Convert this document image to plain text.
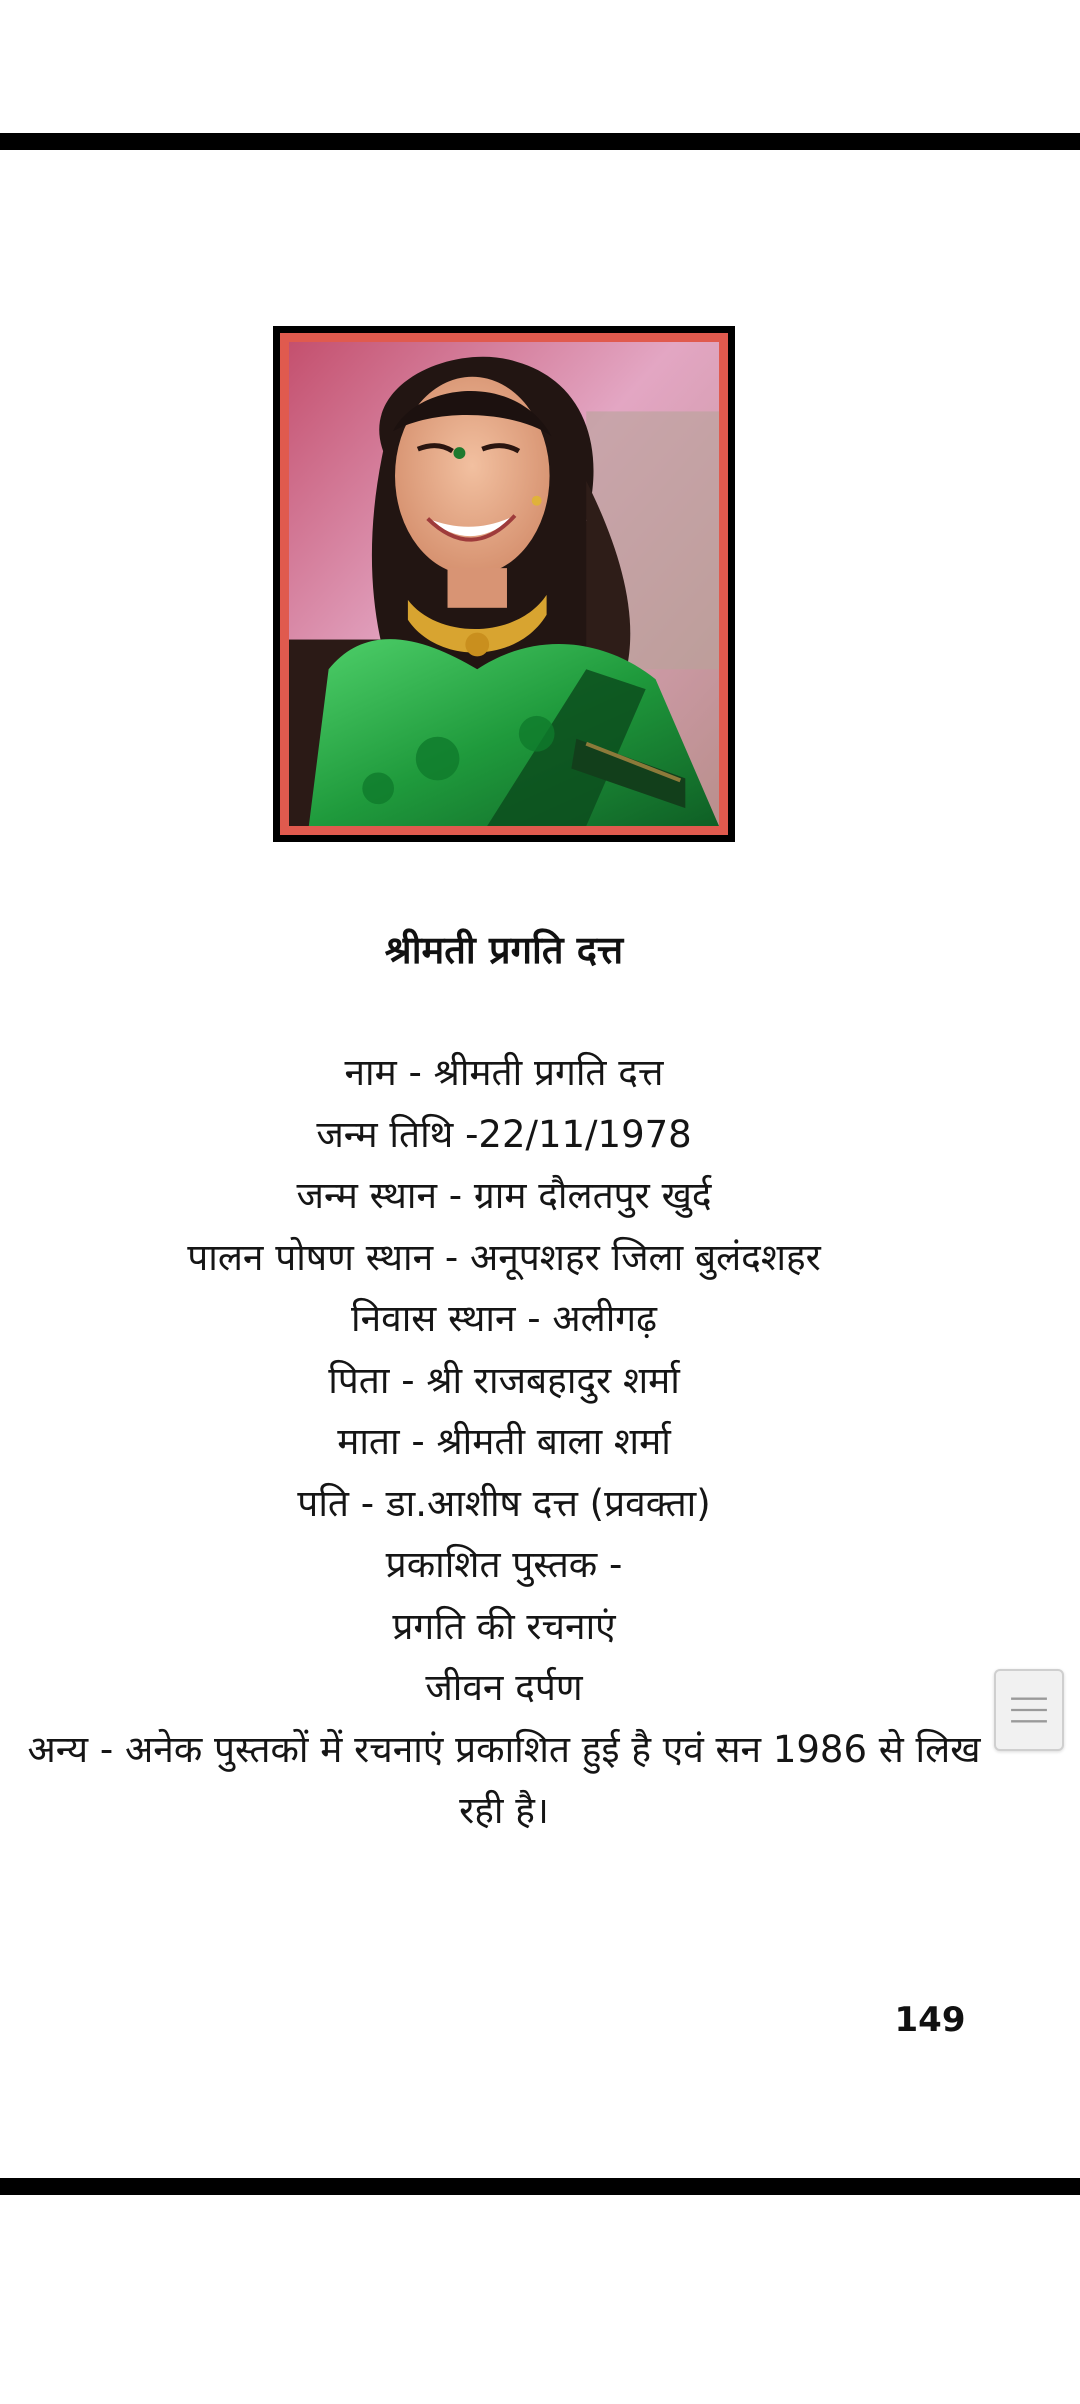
श्रीमती प्रगति दत्त
नाम - श्रीमती प्रगति दत्त
जन्म तिथि -22/11/1978
जन्म स्थान - ग्राम दौलतपुर खुर्द
पालन पोषण स्थान - अनूपशहर जिला बुलंदशहर
निवास स्थान - अलीगढ़
पिता - श्री राजबहादुर शर्मा
माता - श्रीमती बाला शर्मा
पति - डा.आशीष दत्त (प्रवक्ता)
प्रकाशित पुस्तक -
प्रगति की रचनाएं
जीवन दर्पण
अन्य - अनेक पुस्तकों में रचनाएं प्रकाशित हुई है एवं सन 1986 से लिख रही है।
149
